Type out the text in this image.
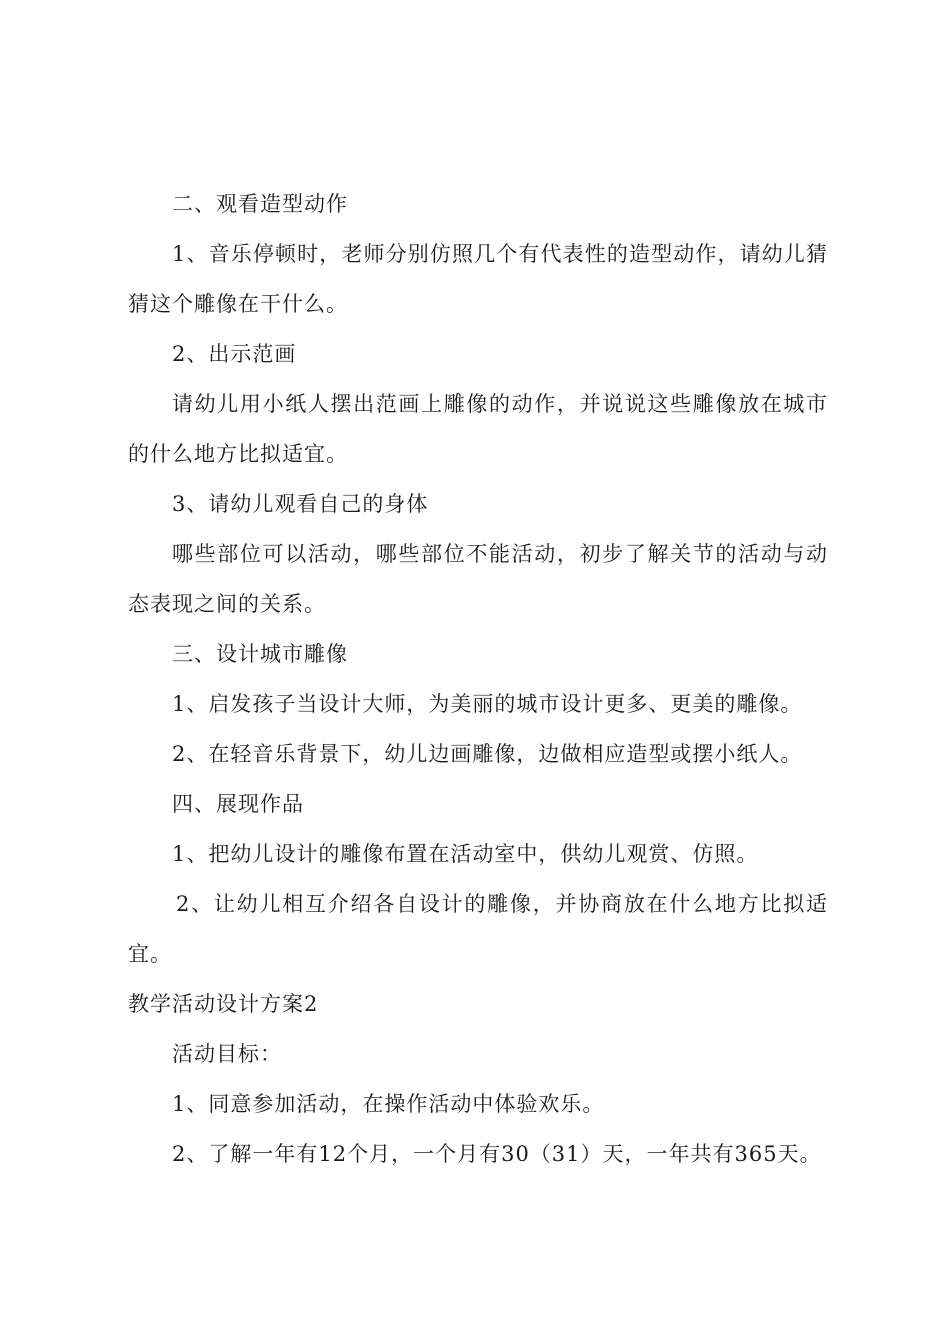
二、观看造型动作
1、音乐停顿时，老师分别仿照几个有代表性的造型动作，请幼儿猜
猜这个雕像在干什么。
2、出示范画
请幼儿用小纸人摆出范画上雕像的动作，并说说这些雕像放在城市
的什么地方比拟适宜。
3、请幼儿观看自己的身体
哪些部位可以活动，哪些部位不能活动，初步了解关节的活动与动
态表现之间的关系。
三、设计城市雕像
1、启发孩子当设计大师，为美丽的城市设计更多、更美的雕像。
2、在轻音乐背景下，幼儿边画雕像，边做相应造型或摆小纸人。
四、展现作品
1、把幼儿设计的雕像布置在活动室中，供幼儿观赏、仿照。
2、让幼儿相互介绍各自设计的雕像，并协商放在什么地方比拟适
宜。
教学活动设计方案2
活动目标：
1、同意参加活动，在操作活动中体验欢乐。
2、了解一年有12个月，一个月有30（31）天，一年共有365天。
